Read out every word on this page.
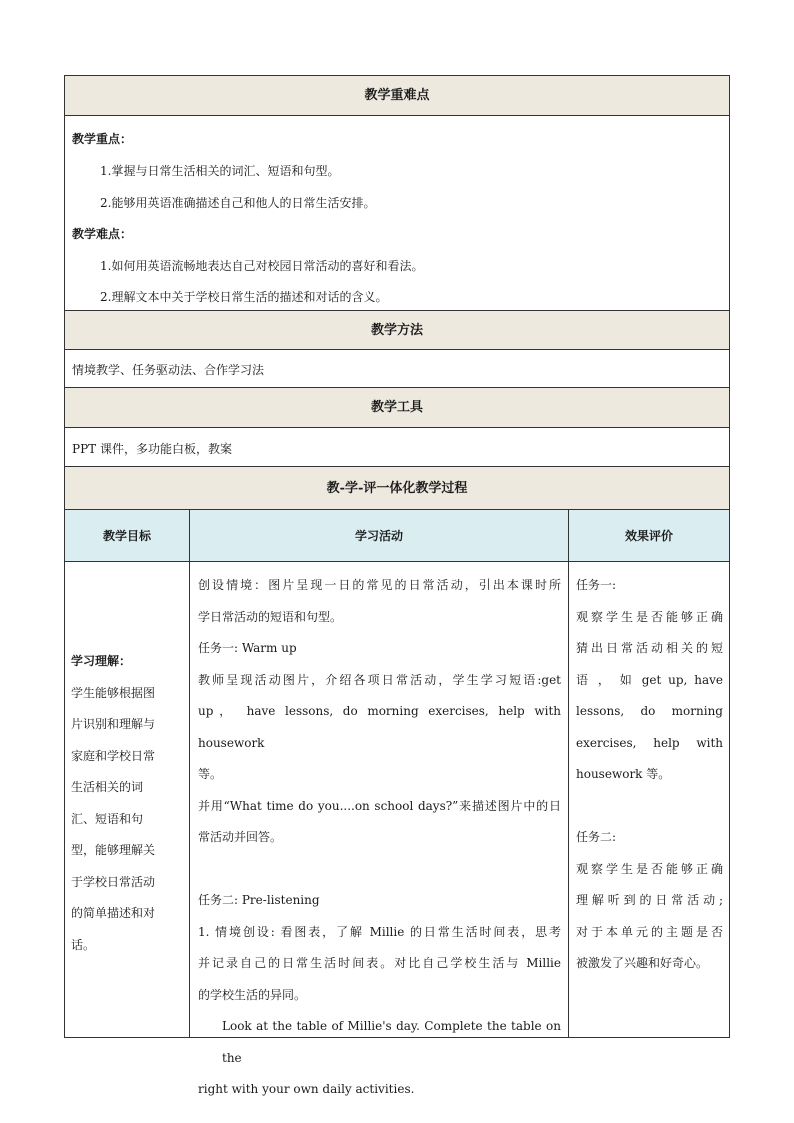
教学重难点
教学重点：
1.掌握与日常生活相关的词汇、短语和句型。
2.能够用英语准确描述自己和他人的日常生活安排。
教学难点：
1.如何用英语流畅地表达自己对校园日常活动的喜好和看法。
2.理解文本中关于学校日常生活的描述和对话的含义。
教学方法
情境教学、任务驱动法、合作学习法
教学工具
PPT 课件，多功能白板，教案
教-学-评一体化教学过程
教学目标	学习活动	效果评价

学习理解：

学生能够根据图

片识别和理解与

家庭和学校日常

生活相关的词

汇、短语和句

型，能够理解关

于学校日常活动

的简单描述和对

话。

创设情境：图片呈现一日的常见的日常活动，引出本课时所

学日常活动的短语和句型。

任务一: Warm up

教师呈现活动图片，介绍各项日常活动，学生学习短语:get

up， have lessons, do morning exercises, help with housework

等。

并用“What time do you....on school days?”来描述图片中的日

常活动并回答。

任务二: Pre-listening

1. 情境创设: 看图表，了解 Millie 的日常生活时间表，思考

并记录自己的日常生活时间表。对比自己学校生活与 Millie

的学校生活的异同。

Look at the table of Millie's day. Complete the table on the

right with your own daily activities.

任务一:

观察学生是否能够正确

猜出日常活动相关的短

语 ， 如 get up, have

lessons, do morning

exercises, help with

housework 等。

任务二:

观察学生是否能够正确

理解听到的日常活动;

对于本单元的主题是否

被激发了兴趣和好奇心。
